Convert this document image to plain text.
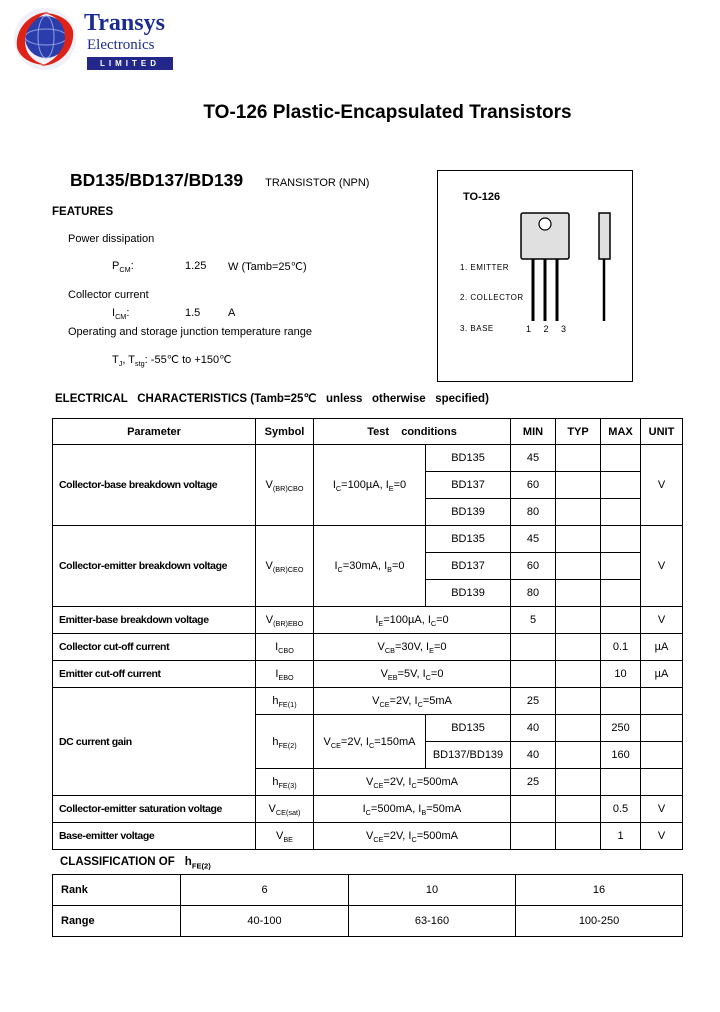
Transys
Electronics
LIMITED
TO-126 Plastic-Encapsulated Transistors
BD135/BD137/BD139 TRANSISTOR (NPN)
TO-126
1. EMITTER
2. COLLECTOR
3. BASE	1 2 3
FEATURES
Power dissipation
$P_{CM}$:	1.25 W (Tamb=25℃)
Collector current
$I_{CM}$:	1.5	A
Operating and storage junction temperature range
$T_J$, $T_{stg}$: -55℃ to +150℃
ELECTRICAL   CHARACTERISTICS (Tamb=25℃   unless   otherwise   specified)
Parameter	Symbol	Test    conditions		MIN	TYP	MAX	UNIT
Collector-base breakdown voltage	$V_{(BR)CBO}$	$I_C=100\mu A$, $I_E=0$	BD135	45			V
			BD137	60			
			BD139	80			
Collector-emitter breakdown voltage	$V_{(BR)CEO}$	$I_C=30mA$, $I_B=0$	BD135	45			V
			BD137	60			
			BD139	80			
Emitter-base breakdown voltage	$V_{(BR)EBO}$	$I_E=100\mu A$, $I_C=0$		5			V
Collector cut-off current	$I_{CBO}$	$V_{CB}=30V$, $I_E=0$				0.1	µA
Emitter cut-off current	$I_{EBO}$	$V_{EB}=5V$, $I_C=0$				10	µA
DC current gain	$h_{FE(1)}$	$V_{CE}=2V$, $I_C=5mA$		25			
	$h_{FE(2)}$	$V_{CE}=2V$, $I_C=150mA$	BD135	40		250	
			BD137/BD139	40		160	
	$h_{FE(3)}$	$V_{CE}=2V$, $I_C=500mA$		25			
Collector-emitter saturation voltage	$V_{CE(sat)}$	$I_C=500mA$, $I_B=50mA$				0.5	V
Base-emitter voltage	$V_{BE}$	$V_{CE}=2V$, $I_C=500mA$				1	V
CLASSIFICATION OF $h_{FE(2)}$
Rank	6	10	16
Range	40-100	63-160	100-250
